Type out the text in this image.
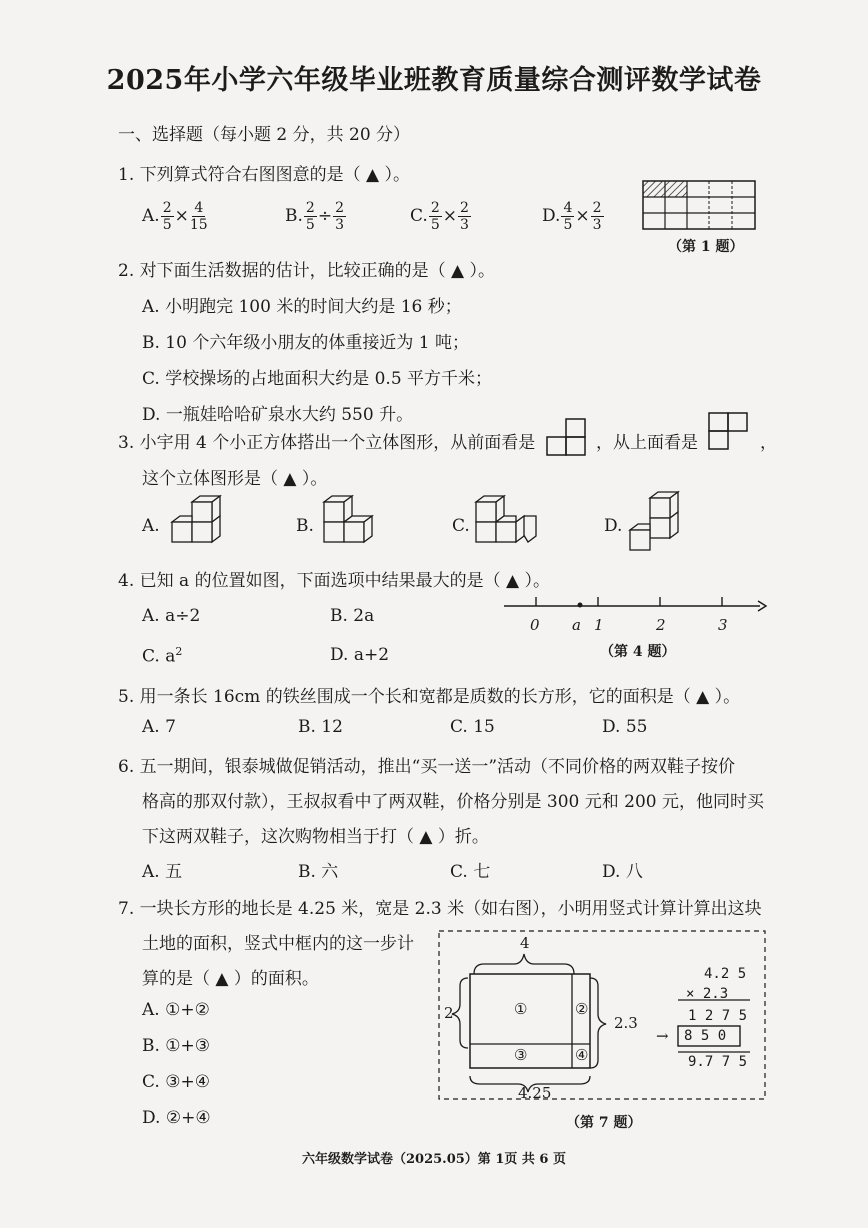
2025年小学六年级毕业班教育质量综合测评数学试卷
一、选择题（每小题 2 分，共 20 分）
1. 下列算式符合右图图意的是（ ▲ ）。
A. $\frac{2}{5} \times \frac{4}{15}$	B. $\frac{2}{5} \div \frac{2}{3}$	C. $\frac{2}{5} \times \frac{2}{3}$	D. $\frac{4}{5} \times \frac{2}{3}$
（第 1 题）
2. 对下面生活数据的估计，比较正确的是（ ▲ ）。
A. 小明跑完 100 米的时间大约是 16 秒；
B. 10 个六年级小朋友的体重接近为 1 吨；
C. 学校操场的占地面积大约是 0.5 平方千米；
D. 一瓶娃哈哈矿泉水大约 550 升。
3. 小宇用 4 个小正方体搭出一个立体图形，从前面看是	，从上面看是	，
这个立体图形是（ ▲ ）。
A.	B.	C.	D.
4. 已知 a 的位置如图，下面选项中结果最大的是（ ▲ ）。
A. a÷2	B. 2a
C. $a^2$	D. a+2
0 a 1	2	3
（第 4 题）
5. 用一条长 16cm 的铁丝围成一个长和宽都是质数的长方形，它的面积是（ ▲ ）。
A. 7	B. 12	C. 15	D. 55
6. 五一期间，银泰城做促销活动，推出“买一送一”活动（不同价格的两双鞋子按价
格高的那双付款），王叔叔看中了两双鞋，价格分别是 300 元和 200 元，他同时买
下这两双鞋子，这次购物相当于打（ ▲ ）折。
A. 五	B. 六	C. 七	D. 八
7. 一块长方形的地长是 4.25 米，宽是 2.3 米（如右图），小明用竖式计算计算出这块
土地的面积，竖式中框内的这一步计
算的是（ ▲ ）的面积。
A. ①+②
B. ①+③
C. ③+④
D. ②+④
4
2
2.3
4.25
①	②
③	④
4.2 5
× 2.3
1 2 7 5
8 5 0
9.7 7 5
→
（第 7 题）
六年级数学试卷（2025.05）第 1页 共 6 页
